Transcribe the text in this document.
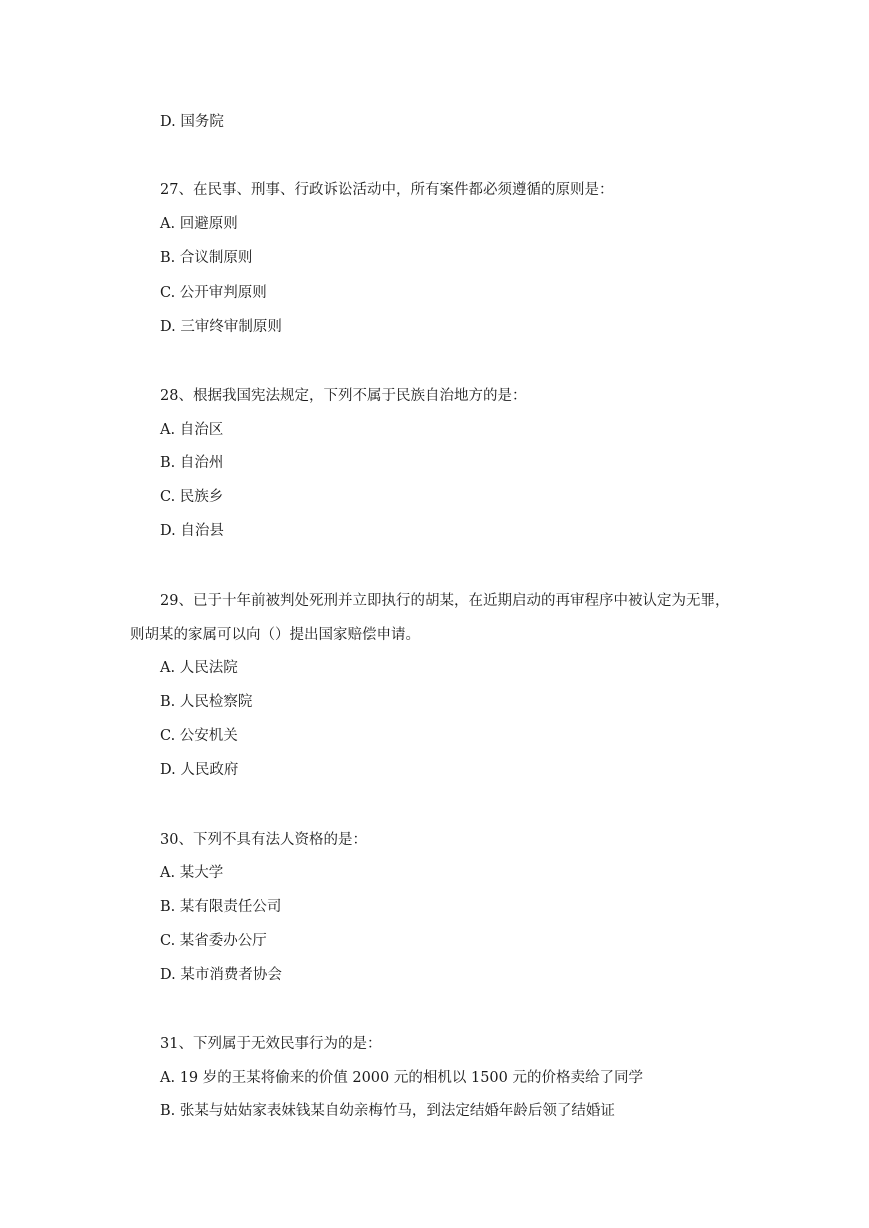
D. 国务院
27、在民事、刑事、行政诉讼活动中，所有案件都必须遵循的原则是：
A. 回避原则
B. 合议制原则
C. 公开审判原则
D. 三审终审制原则
28、根据我国宪法规定，下列不属于民族自治地方的是：
A. 自治区
B. 自治州
C. 民族乡
D. 自治县
29、已于十年前被判处死刑并立即执行的胡某，在近期启动的再审程序中被认定为无罪，
则胡某的家属可以向（）提出国家赔偿申请。
A. 人民法院
B. 人民检察院
C. 公安机关
D. 人民政府
30、下列不具有法人资格的是：
A. 某大学
B. 某有限责任公司
C. 某省委办公厅
D. 某市消费者协会
31、下列属于无效民事行为的是：
A. 19 岁的王某将偷来的价值 2000 元的相机以 1500 元的价格卖给了同学
B. 张某与姑姑家表妹钱某自幼亲梅竹马，到法定结婚年龄后领了结婚证
